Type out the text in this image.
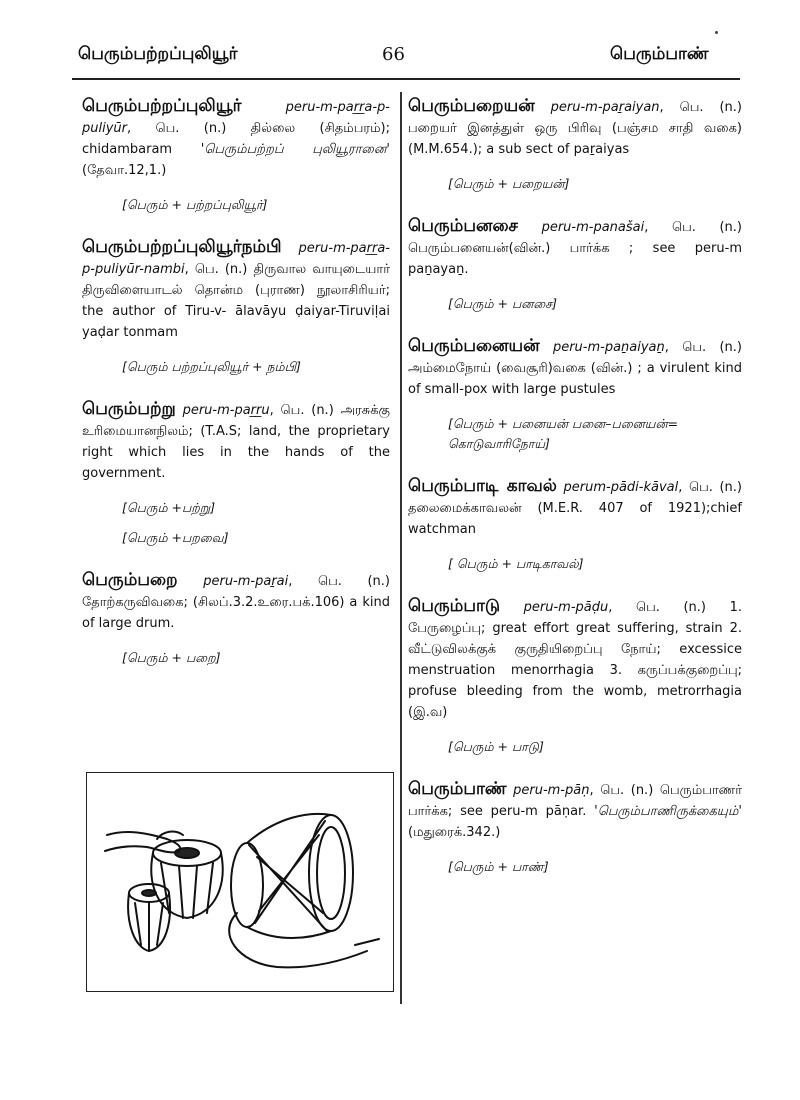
பெரும்பற்றப்புலியூர்	66	பெரும்பாண்
பெரும்பற்றப்புலியூர்	peru-m-par̲r̲a-p-puliyūr, பெ. (n.) தில்லை (சிதம்பரம்); chidambaram 'பெரும்பற்றப் புலியூரானை' (தேவா.12,1.)
[பெரும் + பற்றப்புலியூர்]
பெரும்பற்றப்புலியூர்நம்பி peru-m-par̲r̲a-p-puliyūr-nambi, பெ. (n.) திருவால வாயுடையார் திருவிளையாடல் தொன்ம (புராண) நூலாசிரியர்; the author of Tiru-v- ālavāyu ḍaiyar-Tiruviḷai yaḍar tonmam
[பெரும் பற்றப்புலியூர் + நம்பி]
பெரும்பற்று peru-m-par̲r̲u, பெ. (n.) அரசுக்கு உரிமையானநிலம்; (T.A.S; land, the proprietary right which lies in the hands of the government.
[பெரும் +பற்று]
[பெரும் +பறவை]
பெரும்பறை peru-m-paṟai, பெ. (n.) தோற்கருவிவகை; (சிலப்.3.2.உரை.பக்.106) a kind of large drum.
[பெரும் + பறை]
பெரும்பறையன் peru-m-paṟaiyan, பெ. (n.) பறையர் இனத்துள் ஒரு பிரிவு (பஞ்சம சாதி வகை) (M.M.654.); a sub sect of paṟaiyas
[பெரும் + பறையன்]
பெரும்பனசை peru-m-panašai, பெ. (n.) பெரும்பனையன்(வின்.) பார்க்க ; see peru-m paṉayaṉ.
[பெரும் + பனசை]
பெரும்பனையன் peru-m-paṉaiyaṉ, பெ. (n.) அம்மைநோய் (வைசூரி)வகை (வின்.) ; a virulent kind of small-pox with large pustules
[பெரும் + பனையன் பனை–பனையன்= கொடுவாரிநோய்]
பெரும்பாடி காவல் perum-pādi-kāval, பெ. (n.) தலைமைக்காவலன் (M.E.R. 407 of 1921);chief watchman
[ பெரும் + பாடிகாவல்]
பெரும்பாடு peru-m-pāḍu, பெ. (n.) 1. பேருழைப்பு; great effort great suffering, strain 2. வீட்டுவிலக்குக் குருதியிறைப்பு நோய்; excessice menstruation menorrhagia 3. கருப்பக்குறைப்பு; profuse bleeding from the womb, metrorrhagia (இ.வ)
[பெரும் + பாடு]
பெரும்பாண் peru-m-pāṇ, பெ. (n.) பெரும்பாணர் பார்க்க; see peru-m pāṇar. 'பெரும்பாணிருக்கையும்' (மதுரைக்.342.)
[பெரும் + பாண்]
